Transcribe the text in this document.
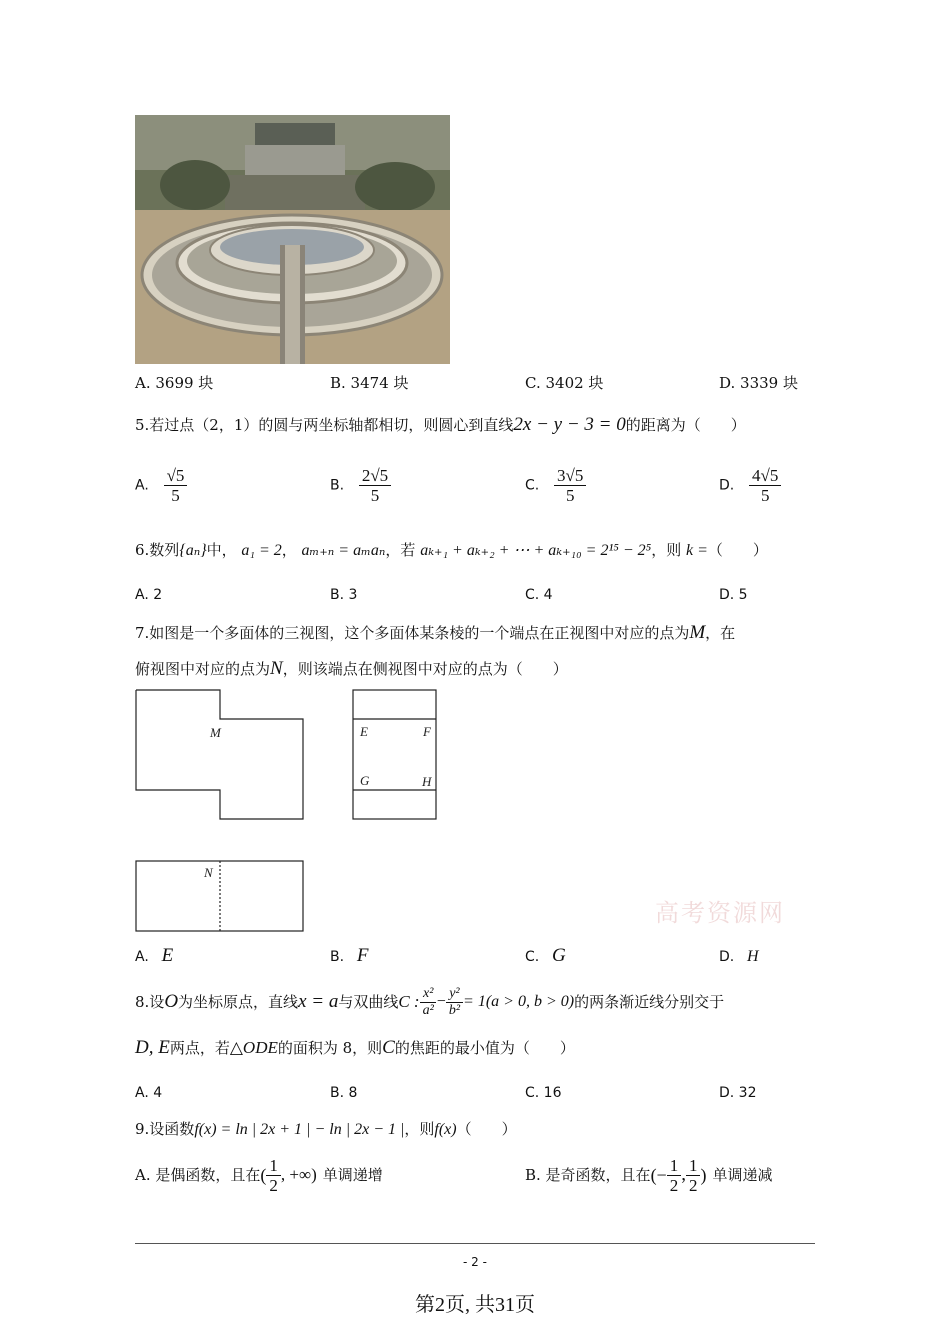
A. 3699 块	B. 3474 块	C. 3402 块	D. 3339 块
5.若过点（2，1）的圆与两坐标轴都相切，则圆心到直线2x − y − 3 = 0的距离为（　　）
A. $\frac{√5}{5}$	B. $\frac{2√5}{5}$	C. $\frac{3√5}{5}$	D. $\frac{4√5}{5}$
6.数列{aₙ}中， a₁ = 2， aₘ₊ₙ = aₘaₙ，若 aₖ₊₁ + aₖ₊₂ + ⋯ + aₖ₊₁₀ = 2¹⁵ − 2⁵，则 k =（　　）
A. 2	B. 3	C. 4	D. 5
7.如图是一个多面体的三视图，这个多面体某条棱的一个端点在正视图中对应的点为M，在
俯视图中对应的点为N，则该端点在侧视图中对应的点为（　　）
M	E	F
G	H
N
高考资源网
A. E	B. F	C. G	D. H
8.设 O 为坐标原点，直线 x = a 与双曲线 C : $\frac{\text{x²}}{\text{a²}} - \frac{\text{y²}}{\text{b²}} = 1(a > 0$, b > 0) 的两条渐近线分别交于
D, E两点，若△ODE的面积为 8，则C的焦距的最小值为（　　）
A. 4	B. 8	C. 16	D. 32
9.设函数f(x) = ln | 2x + 1 | − ln | 2x − 1 |，则f(x)（　　）
A. 是偶函数，且在 ( $\frac{1}{2}$ , +∞) 单调递增	B. 是奇函数，且在 (− $\frac{1}{2}$ , $\frac{1}{2}$ ) 单调递减
- 2 -
第2页, 共31页
